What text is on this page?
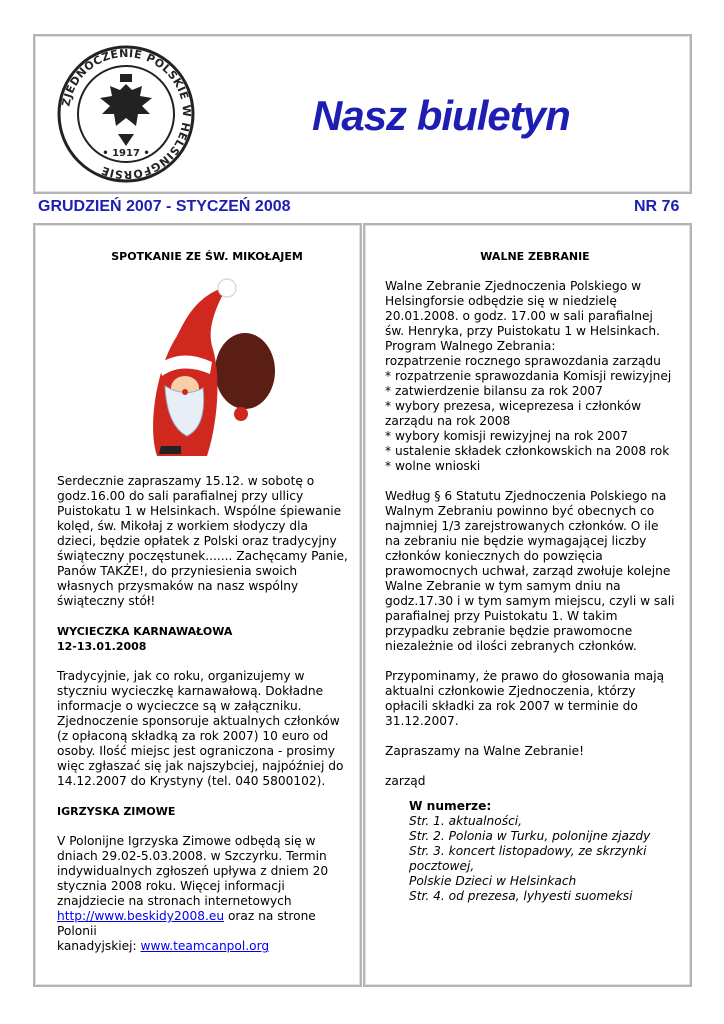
ZJEDNOCZENIE POLSKIE W HELSINGFORSIE
• 1917 •
Nasz biuletyn
GRUDZIEŃ 2007 - STYCZEŃ 2008	NR 76

SPOTKANIE ZE ŚW. MIKOŁAJEM

Serdecznie zapraszamy 15.12. w sobotę o

godz.16.00 do sali parafialnej przy ullicy

Puistokatu 1 w Helsinkach. Wspólne śpiewanie

kolęd, św. Mikołaj z workiem słodyczy dla

dzieci, będzie opłatek z Polski oraz tradycyjny

świąteczny poczęstunek....... Zachęcamy Panie,

Panów TAKŻE!, do przyniesienia swoich

własnych przysmaków na nasz wspólny

świąteczny stół!

WYCIECZKA KARNAWAŁOWA

12-13.01.2008

Tradycyjnie, jak co roku, organizujemy w

styczniu wycieczkę karnawałową. Dokładne

informacje o wycieczce są w załączniku.

Zjednoczenie sponsoruje aktualnych członków

(z opłaconą składką za rok 2007) 10 euro od

osoby. Ilość miejsc jest ograniczona - prosimy

więc zgłaszać się jak najszybciej, najpóźniej do

14.12.2007 do Krystyny (tel. 040 5800102).

IGRZYSKA ZIMOWE

V Polonijne Igrzyska Zimowe odbędą się w

dniach 29.02-5.03.2008. w Szczyrku. Termin

indywidualnych zgłoszeń upływa z dniem 20

stycznia 2008 roku. Więcej informacji

znajdziecie na stronach internetowych

http://www.beskidy2008.eu oraz na strone

Polonii

kanadyjskiej: www.teamcanpol.org

WALNE ZEBRANIE

Walne Zebranie Zjednoczenia Polskiego w

Helsingforsie odbędzie się w niedzielę

20.01.2008. o godz. 17.00 w sali parafialnej

św. Henryka, przy Puistokatu 1 w Helsinkach.

Program Walnego Zebrania:

rozpatrzenie rocznego sprawozdania zarządu

* rozpatrzenie sprawozdania Komisji rewizyjnej

* zatwierdzenie bilansu za rok 2007

* wybory prezesa, wiceprezesa i członków

zarządu na rok 2008

* wybory komisji rewizyjnej na rok 2007

* ustalenie składek członkowskich na 2008 rok

* wolne wnioski

Według § 6 Statutu Zjednoczenia Polskiego na

Walnym Zebraniu powinno być obecnych co

najmniej 1/3 zarejstrowanych członków. O ile

na zebraniu nie będzie wymagającej liczby

członków koniecznych do powzięcia

prawomocnych uchwał, zarząd zwołuje kolejne

Walne Zebranie w tym samym dniu na

godz.17.30 i w tym samym miejscu, czyli w sali

parafialnej przy Puistokatu 1. W takim

przypadku zebranie będzie prawomocne

niezależnie od ilości zebranych członków.

Przypominamy, że prawo do głosowania mają

aktualni członkowie Zjednoczenia, którzy

opłacili składki za rok 2007 w terminie do

31.12.2007.

Zapraszamy na Walne Zebranie!

zarząd

W numerze:

Str. 1. aktualności,
Str. 2. Polonia w Turku, polonijne zjazdy
Str. 3. koncert listopadowy, ze skrzynki
pocztowej,
Polskie Dzieci w Helsinkach
Str. 4. od prezesa, lyhyesti suomeksi
